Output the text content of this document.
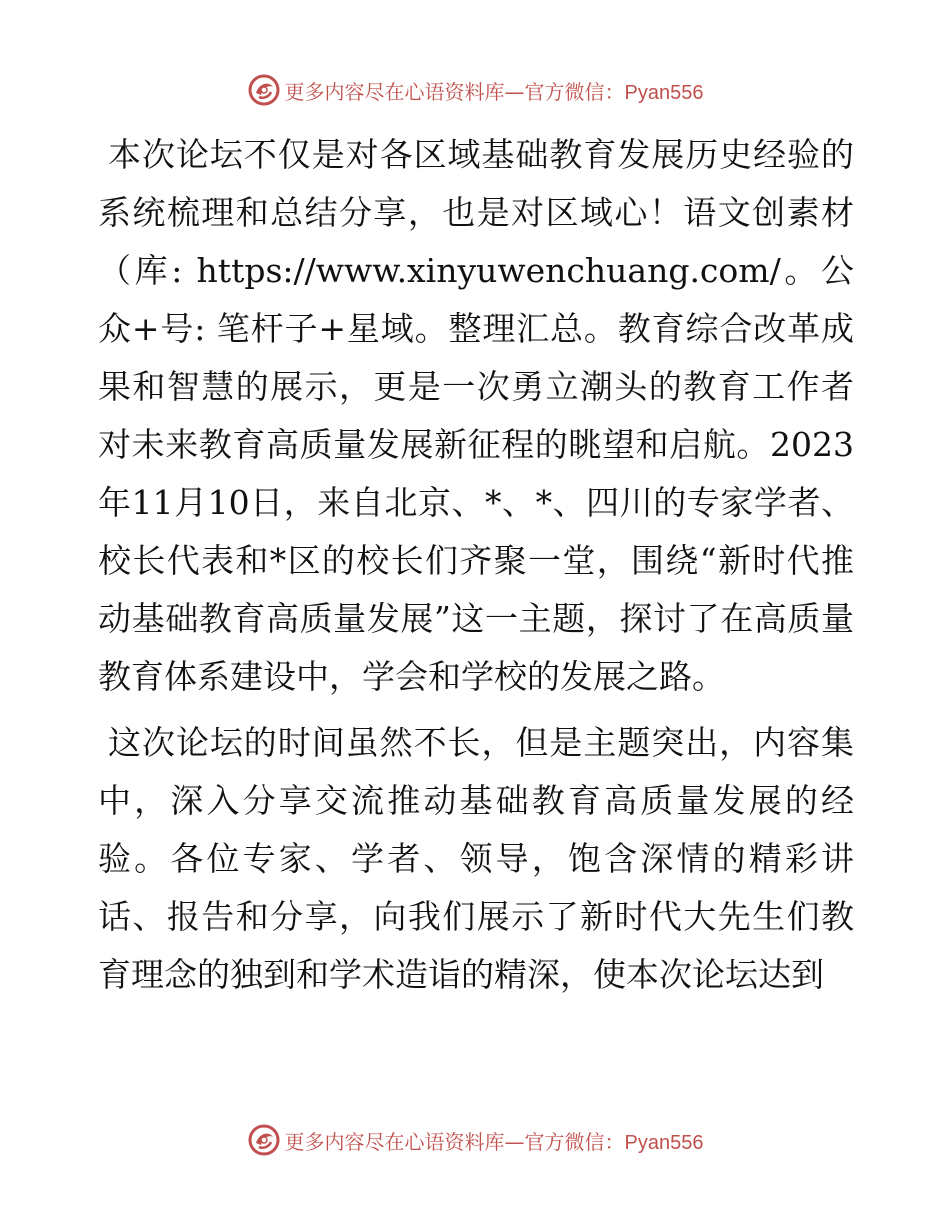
更多内容尽在心语资料库—官方微信：Pyan556

本次论坛不仅是对各区域基础教育发展历史经验的系统梳理和总结分享，也是对区域心！语文创素材（库: https://www.xinyuwenchuang.com/。公众+号: 笔杆子+星域。整理汇总。教育综合改革成果和智慧的展示，更是一次勇立潮头的教育工作者对未来教育高质量发展新征程的眺望和启航。2023年11月10日，来自北京、*、*、四川的专家学者、校长代表和*区的校长们齐聚一堂，围绕“新时代推动基础教育高质量发展”这一主题，探讨了在高质量教育体系建设中，学会和学校的发展之路。

这次论坛的时间虽然不长，但是主题突出，内容集中，深入分享交流推动基础教育高质量发展的经验。各位专家、学者、领导，饱含深情的精彩讲话、报告和分享，向我们展示了新时代大先生们教育理念的独到和学术造诣的精深，使本次论坛达到

更多内容尽在心语资料库—官方微信：Pyan556
